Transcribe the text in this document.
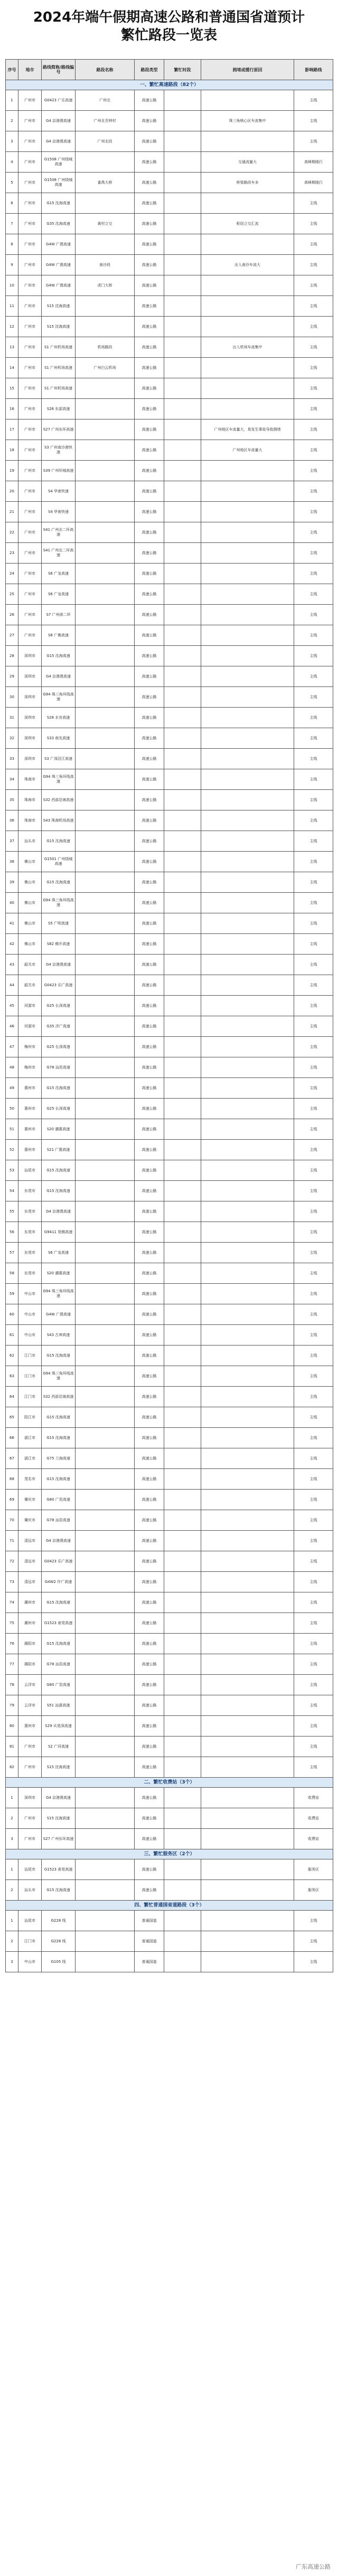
2024年端午假期高速公路和普通国省道预计繁忙路段一览表
序号	地市	路线简称/路线编号	路段名称	路段类型	繁忙时段	拥堵或缓行原因	影响路线
一、繁忙高速路段（82个）							
1	广州市	G0423 广乐高速	广州北	高速公路			主线
2	广州市	G4 京港澳高速	广州北至钟村	高速公路		珠三角核心区车流集中	主线
3	广州市	G4 京港澳高速	广州北段	高速公路			主线
4	广州市	G1508 广州绕城高速		高速公路		交通流量大	高峰期缓行
5	广州市	G1508 广州绕城高速	番禺大桥	高速公路		桥梁路段车多	高峰期缓行
6	广州市	G15 沈海高速		高速公路			主线
7	广州市	G35 沈海高速	黄村立交	高速公路		枢纽立交汇流	主线
8	广州市	G4W 广澳高速		高速公路			主线
9	广州市	G4W 广澳高速	南沙段	高速公路		出入南沙车流大	主线
10	广州市	G4W 广澳高速	虎门大桥	高速公路			主线
11	广州市	S15 沈海高速		高速公路			主线
12	广州市	S15 沈海高速		高速公路			主线
13	广州市	S1 广州机场高速	机场路段	高速公路		出入机场车流集中	主线
14	广州市	S1 广州机场高速	广州白云机场	高速公路			主线
15	广州市	S1 广州机场高速		高速公路			主线
16	广州市	S26 东部高速		高速公路			主线
17	广州市	S27 广州东环高速		高速公路		广州地区车流量大，易发生事故导致拥堵	主线
18	广州市	S3 广州南沙港快速		高速公路		广州地区车流量大	主线
19	广州市	S39 广州环城高速		高速公路			主线
20	广州市	S4 华南快速		高速公路			主线
21	广州市	S4 华南快速		高速公路			主线
22	广州市	S41 广州北二环高速		高速公路			主线
23	广州市	S41 广州北二环高速		高速公路			主线
24	广州市	S6 广龙高速		高速公路			主线
25	广州市	S6 广龙高速		高速公路			主线
26	广州市	S7 广州南二环		高速公路			主线
27	广州市	S8 广佛高速		高速公路			主线
28	深圳市	G15 沈海高速		高速公路			主线
29	深圳市	G4 京港澳高速		高速公路			主线
30	深圳市	G94 珠三角环线高速		高速公路			主线
31	深圳市	S28 水官高速		高速公路			主线
32	深圳市	S33 南光高速		高速公路			主线
33	深圳市	S3 广深沿江高速		高速公路			主线
34	珠海市	G94 珠三角环线高速		高速公路			主线
35	珠海市	S32 西部沿海高速		高速公路			主线
36	珠海市	S43 珠海机场高速		高速公路			主线
37	汕头市	G15 沈海高速		高速公路			主线
38	佛山市	G1501 广州绕城高速		高速公路			主线
39	佛山市	G15 沈海高速		高速公路			主线
40	佛山市	G94 珠三角环线高速		高速公路			主线
41	佛山市	S5 广明高速		高速公路			主线
42	佛山市	S82 佛开高速		高速公路			主线
43	韶关市	G4 京港澳高速		高速公路			主线
44	韶关市	G0423 乐广高速		高速公路			主线
45	河源市	G25 长深高速		高速公路			主线
46	河源市	G35 济广高速		高速公路			主线
47	梅州市	G25 长深高速		高速公路			主线
48	梅州市	G78 汕昆高速		高速公路			主线
49	惠州市	G15 沈海高速		高速公路			主线
50	惠州市	G25 长深高速		高速公路			主线
51	惠州市	S20 潮惠高速		高速公路			主线
52	惠州市	S21 广惠高速		高速公路			主线
53	汕尾市	G15 沈海高速		高速公路			主线
54	东莞市	G15 沈海高速		高速公路			主线
55	东莞市	G4 京港澳高速		高速公路			主线
56	东莞市	G9411 莞佛高速		高速公路			主线
57	东莞市	S6 广龙高速		高速公路			主线
58	东莞市	S20 潮惠高速		高速公路			主线
59	中山市	G94 珠三角环线高速		高速公路			主线
60	中山市	G4W 广澳高速		高速公路			主线
61	中山市	S43 古神高速		高速公路			主线
62	江门市	G15 沈海高速		高速公路			主线
63	江门市	G94 珠三角环线高速		高速公路			主线
64	江门市	S32 西部沿海高速		高速公路			主线
65	阳江市	G15 沈海高速		高速公路			主线
66	湛江市	G15 沈海高速		高速公路			主线
67	湛江市	G75 兰海高速		高速公路			主线
68	茂名市	G15 沈海高速		高速公路			主线
69	肇庆市	G80 广昆高速		高速公路			主线
70	肇庆市	G78 汕昆高速		高速公路			主线
71	清远市	G4 京港澳高速		高速公路			主线
72	清远市	G0423 乐广高速		高速公路			主线
73	清远市	G4W2 许广高速		高速公路			主线
74	潮州市	G15 沈海高速		高速公路			主线
75	潮州市	G1523 甬莞高速		高速公路			主线
76	揭阳市	G15 沈海高速		高速公路			主线
77	揭阳市	G78 汕昆高速		高速公路			主线
78	云浮市	G80 广昆高速		高速公路			主线
79	云浮市	S51 汕湛高速		高速公路			主线
80	惠州市	S29 从莞深高速		高速公路			主线
81	广州市	S2 广河高速		高速公路			主线
82	广州市	S15 沈海高速		高速公路			主线
二、繁忙收费站（3个）							
1	深圳市	G4 京港澳高速		高速公路			收费站
2	广州市	S15 沈海高速		高速公路			收费站
3	广州市	S27 广州东环高速		高速公路			收费站
三、繁忙服务区（2个）							
1	汕尾市	G1523 甬莞高速		高速公路			服务区
2	汕头市	G15 沈海高速		高速公路			服务区
四、繁忙普通国省道路段（3个）							
1	汕尾市	G228 线		普通国道			主线
2	江门市	G228 线		普通国道			主线
3	中山市	G105 线		普通国道			主线
广东高速公路
